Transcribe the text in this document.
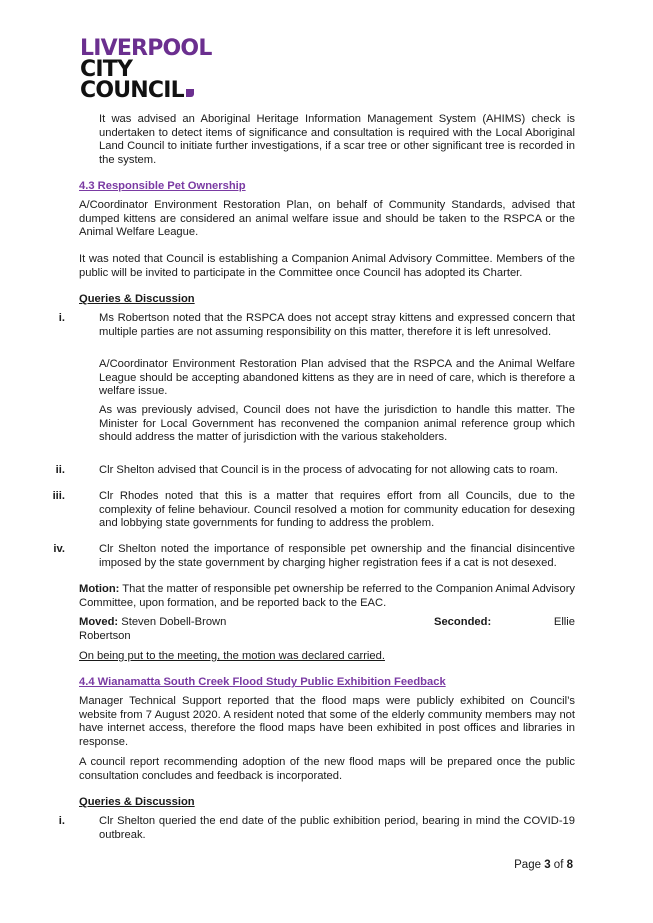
LIVERPOOL
CITY
COUNCIL
It was advised an Aboriginal Heritage Information Management System (AHIMS) check is undertaken to detect items of significance and consultation is required with the Local Aboriginal Land Council to initiate further investigations, if a scar tree or other significant tree is recorded in the system.
4.3 Responsible Pet Ownership
A/Coordinator Environment Restoration Plan, on behalf of Community Standards, advised that dumped kittens are considered an animal welfare issue and should be taken to the RSPCA or the Animal Welfare League.
It was noted that Council is establishing a Companion Animal Advisory Committee. Members of the public will be invited to participate in the Committee once Council has adopted its Charter.
Queries & Discussion
i.	Ms Robertson noted that the RSPCA does not accept stray kittens and expressed concern that multiple parties are not assuming responsibility on this matter, therefore it is left unresolved.
A/Coordinator Environment Restoration Plan advised that the RSPCA and the Animal Welfare League should be accepting abandoned kittens as they are in need of care, which is therefore a welfare issue.
As was previously advised, Council does not have the jurisdiction to handle this matter. The Minister for Local Government has reconvened the companion animal reference group which should address the matter of jurisdiction with the various stakeholders.
ii.	Clr Shelton advised that Council is in the process of advocating for not allowing cats to roam.
iii.	Clr Rhodes noted that this is a matter that requires effort from all Councils, due to the complexity of feline behaviour. Council resolved a motion for community education for desexing and lobbying state governments for funding to address the problem.
iv.	Clr Shelton noted the importance of responsible pet ownership and the financial disincentive imposed by the state government by charging higher registration fees if a cat is not desexed.
Motion: That the matter of responsible pet ownership be referred to the Companion Animal Advisory Committee, upon formation, and be reported back to the EAC.
Moved: Steven Dobell-Brown	Seconded:	Ellie
Robertson
On being put to the meeting, the motion was declared carried.
4.4 Wianamatta South Creek Flood Study Public Exhibition Feedback
Manager Technical Support reported that the flood maps were publicly exhibited on Council’s website from 7 August 2020. A resident noted that some of the elderly community members may not have internet access, therefore the flood maps have been exhibited in post offices and libraries in response.
A council report recommending adoption of the new flood maps will be prepared once the public consultation concludes and feedback is incorporated.
Queries & Discussion
i.	Clr Shelton queried the end date of the public exhibition period, bearing in mind the COVID-19 outbreak.
Page 3 of 8
